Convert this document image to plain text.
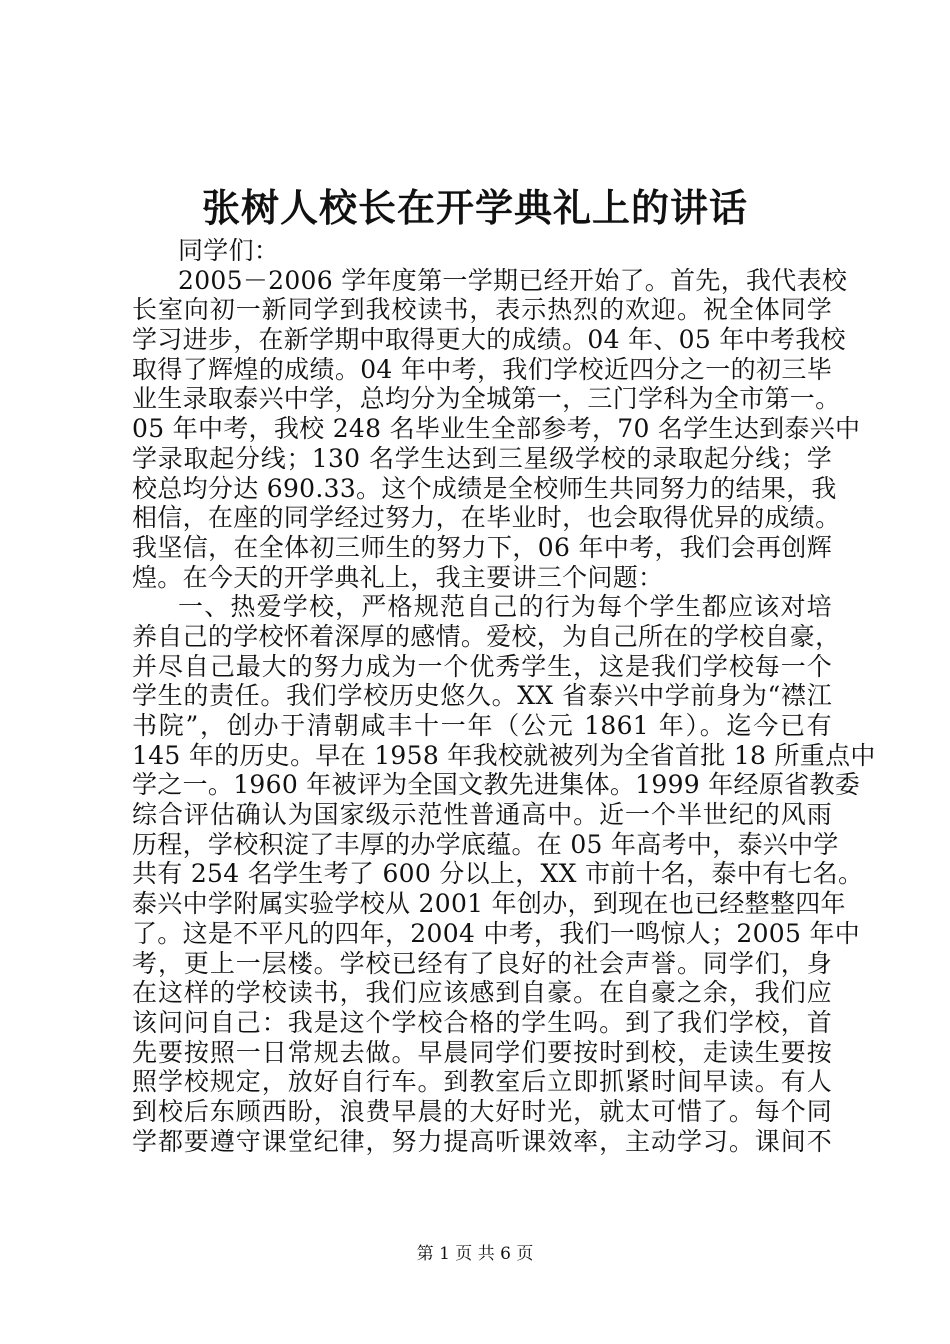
张树人校长在开学典礼上的讲话
同学们：
2005－2006 学年度第一学期已经开始了。首先，我代表校
长室向初一新同学到我校读书，表示热烈的欢迎。祝全体同学
学习进步，在新学期中取得更大的成绩。04 年、05 年中考我校
取得了辉煌的成绩。04 年中考，我们学校近四分之一的初三毕
业生录取泰兴中学，总均分为全城第一，三门学科为全市第一。
05 年中考，我校 248 名毕业生全部参考，70 名学生达到泰兴中
学录取起分线；130 名学生达到三星级学校的录取起分线；学
校总均分达 690.33。这个成绩是全校师生共同努力的结果，我
相信，在座的同学经过努力，在毕业时，也会取得优异的成绩。
我坚信，在全体初三师生的努力下，06 年中考，我们会再创辉
煌。在今天的开学典礼上，我主要讲三个问题：
一、热爱学校，严格规范自己的行为每个学生都应该对培
养自己的学校怀着深厚的感情。爱校，为自己所在的学校自豪，
并尽自己最大的努力成为一个优秀学生，这是我们学校每一个
学生的责任。我们学校历史悠久。XX 省泰兴中学前身为“襟江
书院”，创办于清朝咸丰十一年（公元 1861 年）。迄今已有
145 年的历史。早在 1958 年我校就被列为全省首批 18 所重点中
学之一。1960 年被评为全国文教先进集体。1999 年经原省教委
综合评估确认为国家级示范性普通高中。近一个半世纪的风雨
历程，学校积淀了丰厚的办学底蕴。在 05 年高考中，泰兴中学
共有 254 名学生考了 600 分以上，XX 市前十名，泰中有七名。
泰兴中学附属实验学校从 2001 年创办，到现在也已经整整四年
了。这是不平凡的四年，2004 中考，我们一鸣惊人；2005 年中
考，更上一层楼。学校已经有了良好的社会声誉。同学们，身
在这样的学校读书，我们应该感到自豪。在自豪之余，我们应
该问问自己：我是这个学校合格的学生吗。到了我们学校，首
先要按照一日常规去做。早晨同学们要按时到校，走读生要按
照学校规定，放好自行车。到教室后立即抓紧时间早读。有人
到校后东顾西盼，浪费早晨的大好时光，就太可惜了。每个同
学都要遵守课堂纪律，努力提高听课效率，主动学习。课间不
第 1 页 共 6 页
